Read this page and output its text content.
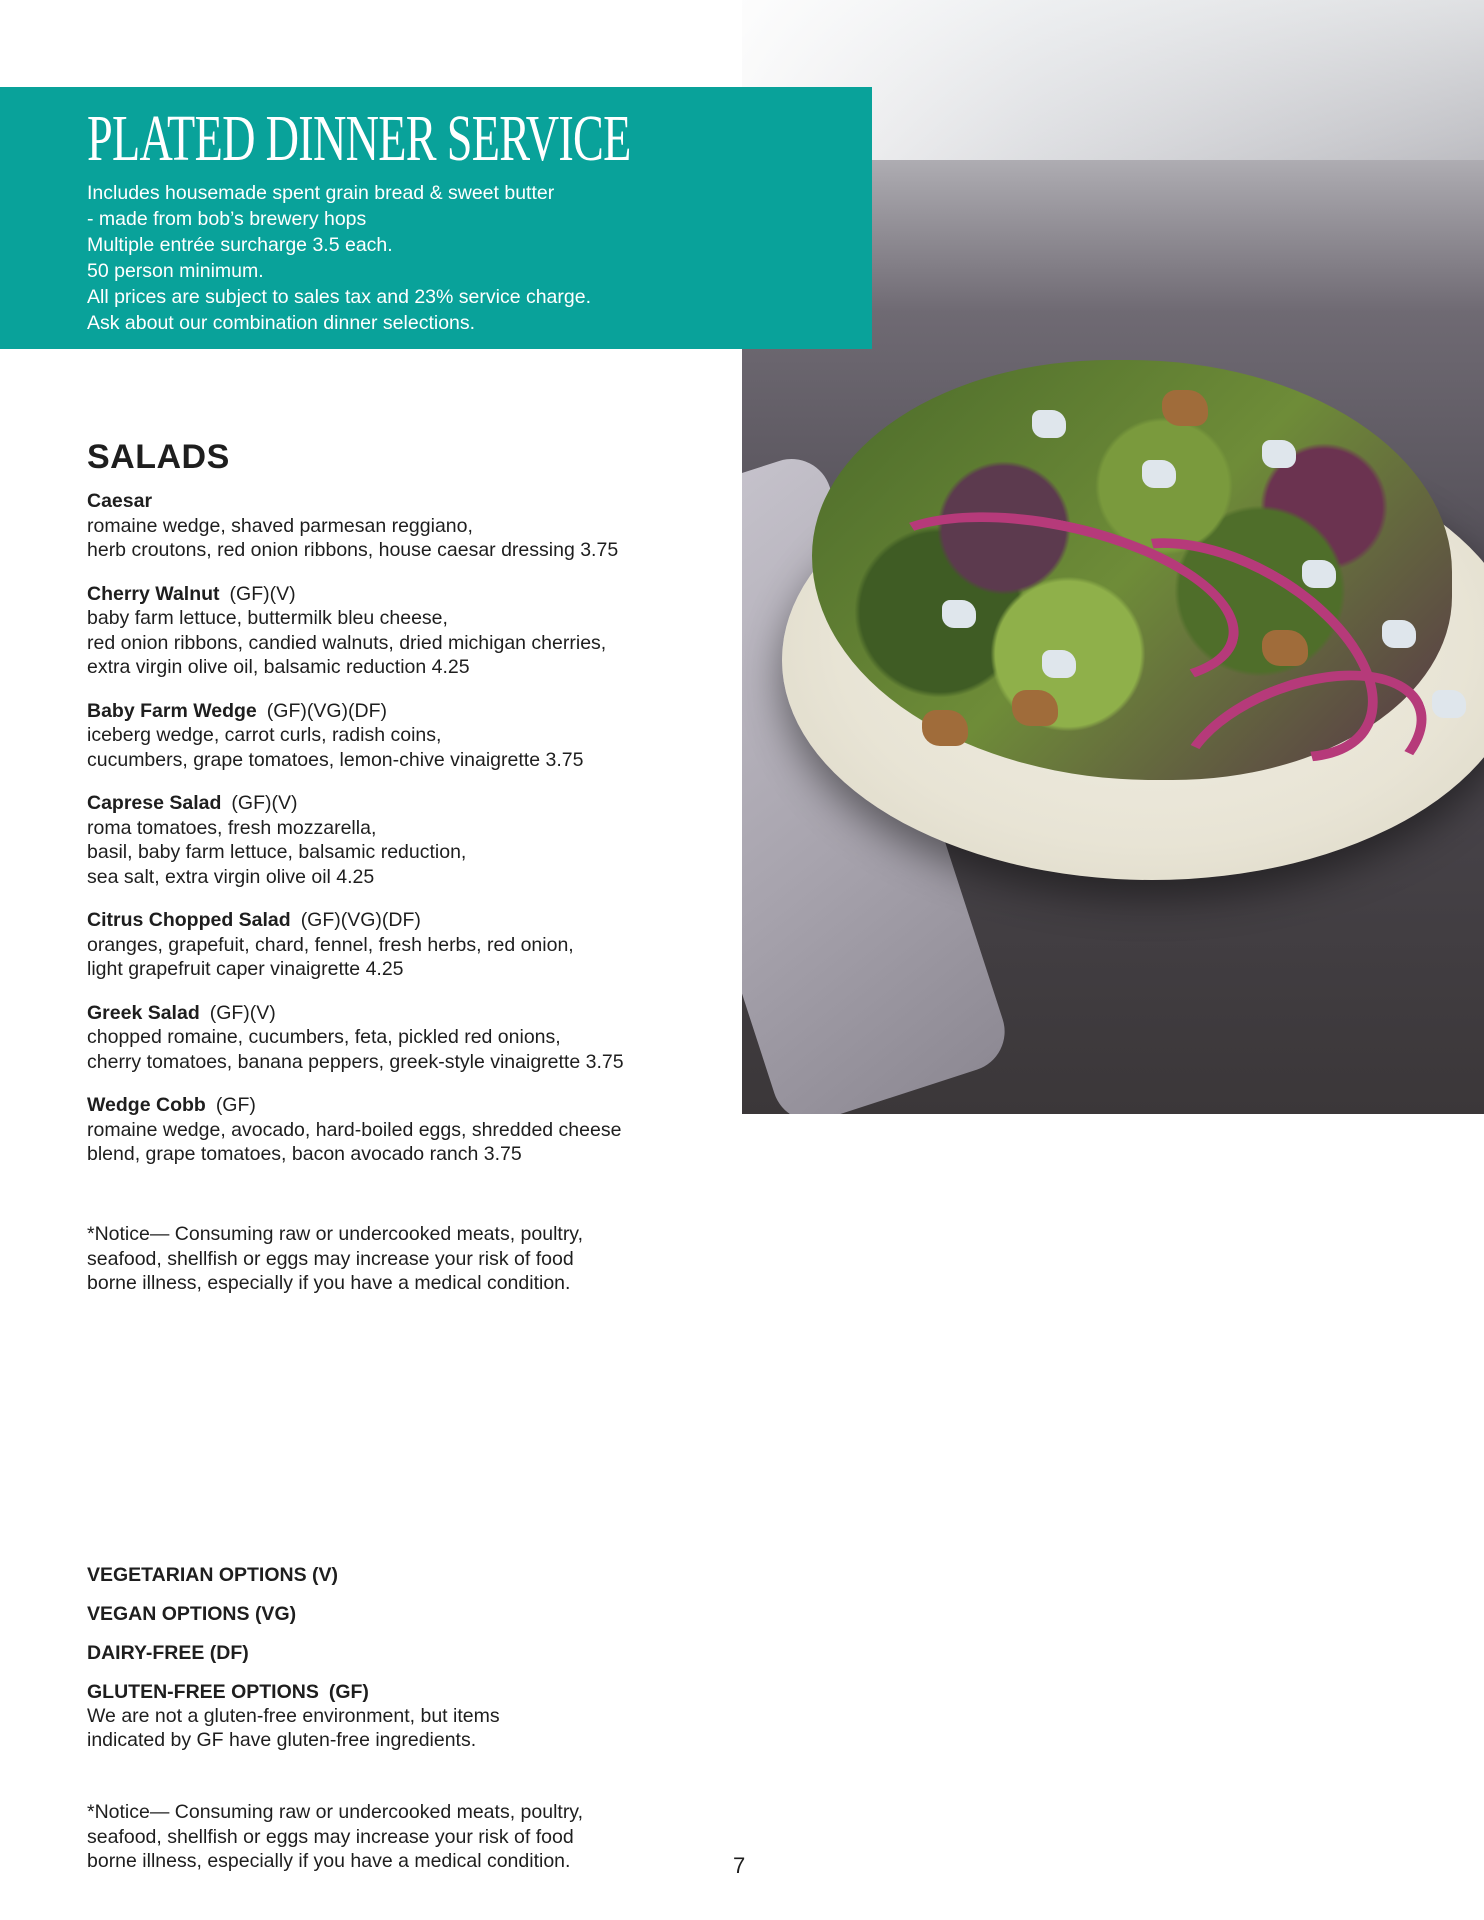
PLATED DINNER SERVICE
Includes housemade spent grain bread & sweet butter
- made from bob’s brewery hops
Multiple entrée surcharge 3.5 each.
50 person minimum.
All prices are subject to sales tax and 23% service charge.
Ask about our combination dinner selections.
SALADS
Caesar

romaine wedge, shaved parmesan reggiano,
herb croutons, red onion ribbons, house caesar dressing 3.75

Cherry Walnut (GF)(V)

baby farm lettuce, buttermilk bleu cheese,
red onion ribbons, candied walnuts, dried michigan cherries,
extra virgin olive oil, balsamic reduction 4.25

Baby Farm Wedge (GF)(VG)(DF)

iceberg wedge, carrot curls, radish coins,
cucumbers, grape tomatoes, lemon-chive vinaigrette 3.75

Caprese Salad (GF)(V)

roma tomatoes, fresh mozzarella,
basil, baby farm lettuce, balsamic reduction,
sea salt, extra virgin olive oil 4.25

Citrus Chopped Salad (GF)(VG)(DF)

oranges, grapefuit, chard, fennel, fresh herbs, red onion,
light grapefruit caper vinaigrette 4.25

Greek Salad (GF)(V)

chopped romaine, cucumbers, feta, pickled red onions,
cherry tomatoes, banana peppers, greek-style vinaigrette 3.75

Wedge Cobb (GF)

romaine wedge, avocado, hard-boiled eggs, shredded cheese
blend, grape tomatoes, bacon avocado ranch 3.75

*Notice— Consuming raw or undercooked meats, poultry,
seafood, shellfish or eggs may increase your risk of food
borne illness, especially if you have a medical condition.

VEGETARIAN OPTIONS (V)

VEGAN OPTIONS (VG)

DAIRY-FREE (DF)

GLUTEN-FREE OPTIONS (GF)

We are not a gluten-free environment, but items
indicated by GF have gluten-free ingredients.

*Notice— Consuming raw or undercooked meats, poultry,
seafood, shellfish or eggs may increase your risk of food
borne illness, especially if you have a medical condition.	7
